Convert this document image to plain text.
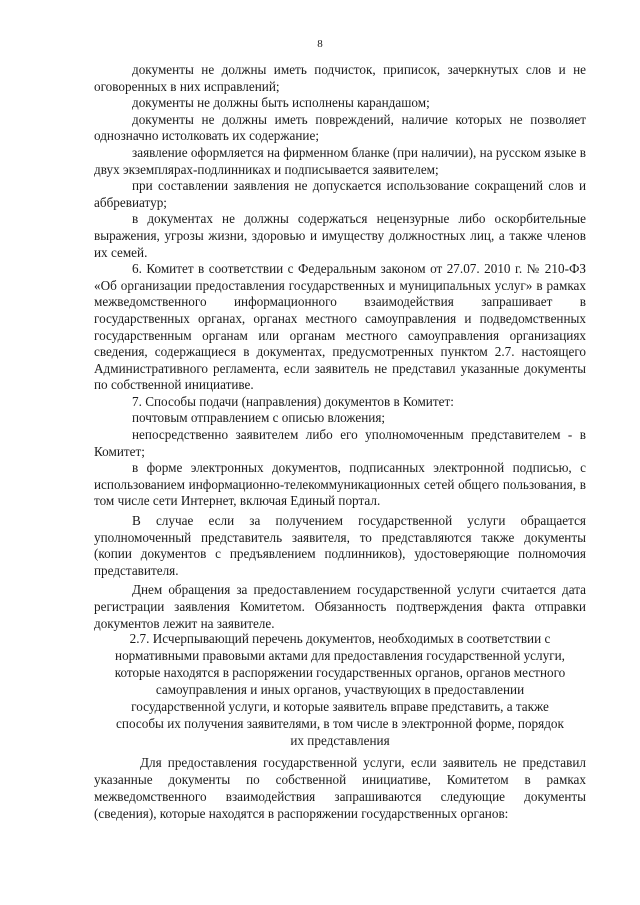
8

документы не должны иметь подчисток, приписок, зачеркнутых слов и не оговоренных в них исправлений;

документы не должны быть исполнены карандашом;

документы не должны иметь повреждений, наличие которых не позволяет однозначно истолковать их содержание;

заявление оформляется на фирменном бланке (при наличии), на русском языке в двух экземплярах-подлинниках и подписывается заявителем;

при составлении заявления не допускается использование сокращений слов и аббревиатур;

в документах не должны содержаться нецензурные либо оскорбительные выражения, угрозы жизни, здоровью и имуществу должностных лиц, а также членов их семей.

6. Комитет в соответствии с Федеральным законом от 27.07. 2010 г. № 210-ФЗ «Об организации предоставления государственных и муниципальных услуг» в рамках межведомственного информационного взаимодействия запрашивает в государственных органах, органах местного самоуправления и подведомственных государственным органам или органам местного самоуправления организациях сведения, содержащиеся в документах, предусмотренных пунктом 2.7. настоящего Административного регламента, если заявитель не представил указанные документы по собственной инициативе.

7. Способы подачи (направления) документов в Комитет:

почтовым отправлением с описью вложения;

непосредственно заявителем либо его уполномоченным представителем - в Комитет;

в форме электронных документов, подписанных электронной подписью, с использованием информационно-телекоммуникационных сетей общего пользования, в том числе сети Интернет, включая Единый портал.

В случае если за получением государственной услуги обращается уполномоченный представитель заявителя, то представляются также документы (копии документов с предъявлением подлинников), удостоверяющие полномочия представителя.

Днем обращения за предоставлением государственной услуги считается дата регистрации заявления Комитетом. Обязанность подтверждения факта отправки документов лежит на заявителе.

2.7. Исчерпывающий перечень документов, необходимых в соответствии с

нормативными правовыми актами для предоставления государственной услуги,

которые находятся в распоряжении государственных органов, органов местного

самоуправления и иных органов, участвующих в предоставлении

государственной услуги, и которые заявитель вправе представить, а также

способы их получения заявителями, в том числе в электронной форме, порядок

их представления

Для предоставления государственной услуги, если заявитель не представил указанные документы по собственной инициативе, Комитетом в рамках межведомственного взаимодействия запрашиваются следующие документы (сведения), которые находятся в распоряжении государственных органов:
